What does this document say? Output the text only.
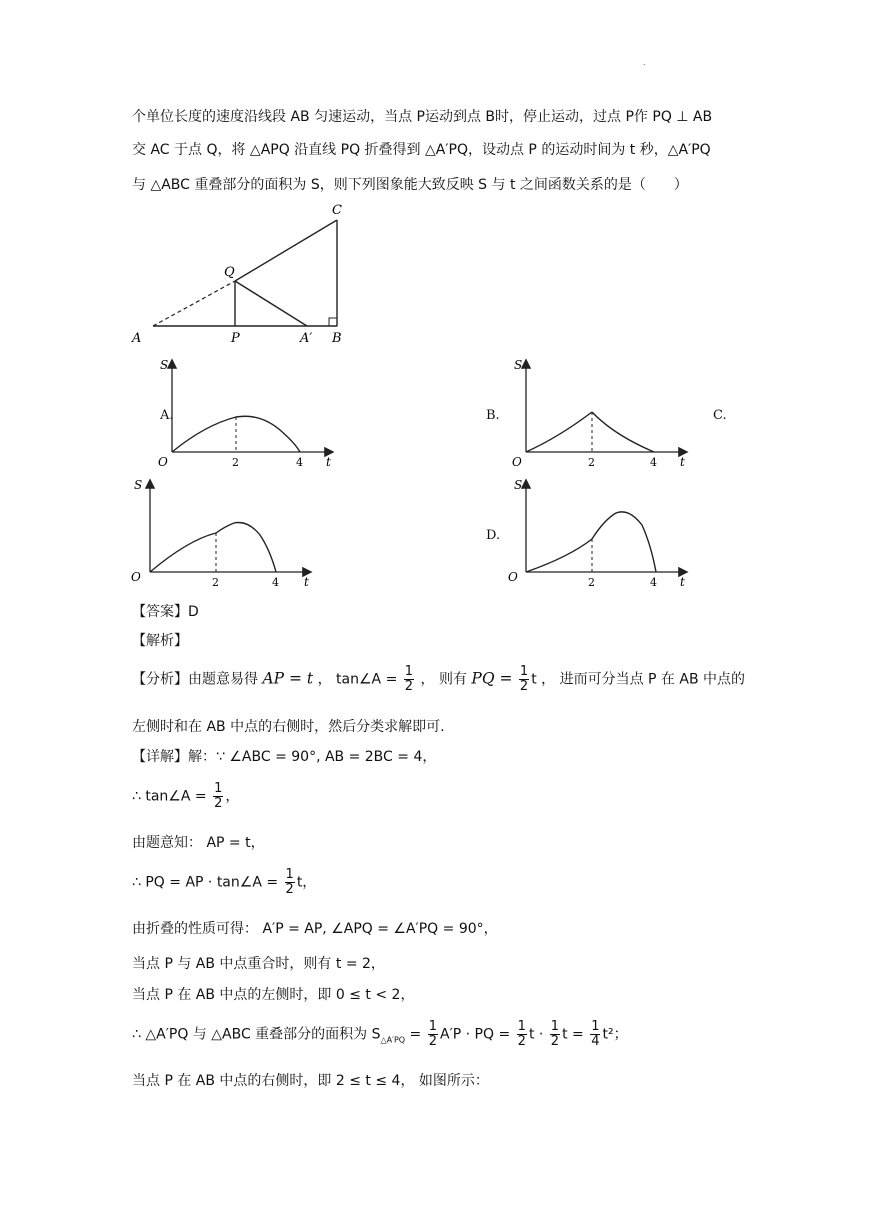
.
个单位长度的速度沿线段 AB 匀速运动，当点 P运动到点 B时，停止运动，过点 P作 PQ ⊥ AB
交 AC 于点 Q，将 △APQ 沿直线 PQ 折叠得到 △A′PQ，设动点 P 的运动时间为 t 秒，△A′PQ
与 △ABC 重叠部分的面积为 S，则下列图象能大致反映 S 与 t 之间函数关系的是（　　）
A	P	A′ B
Q
C
A.	B.	C.
D.
S
t
O	2	4
S
t
O	2	4
S
t
O	2	4
S
t
O	2	4
【答案】D
【解析】
【分析】由题意易得 AP = t ， tan∠A = $\frac{1}{2}$ ， 则有 PQ = $\frac{1}{2}$ t ， 进而可分当点 P 在 AB 中点的
左侧时和在 AB 中点的右侧时，然后分类求解即可.
【详解】解：∵ ∠ABC = 90°, AB = 2BC = 4，
∴ tan∠A = $\frac{1}{2}$ ，
由题意知： AP = t，
∴ PQ = AP · tan∠A = $\frac{1}{2}$ t，
由折叠的性质可得： A′P = AP, ∠APQ = ∠A′PQ = 90°，
当点 P 与 AB 中点重合时，则有 t = 2，
当点 P 在 AB 中点的左侧时，即 0 ≤ t < 2，
∴ △A′PQ 与 △ABC 重叠部分的面积为 $S_{\triangle A'PQ} = \frac{1}{2} A'P$ · PQ = $\frac{1}{2}$ $t \cdot \frac{1}{2}$ $t = \frac{1}{4} t^2$；
当点 P 在 AB 中点的右侧时，即 2 ≤ t ≤ 4， 如图所示：
